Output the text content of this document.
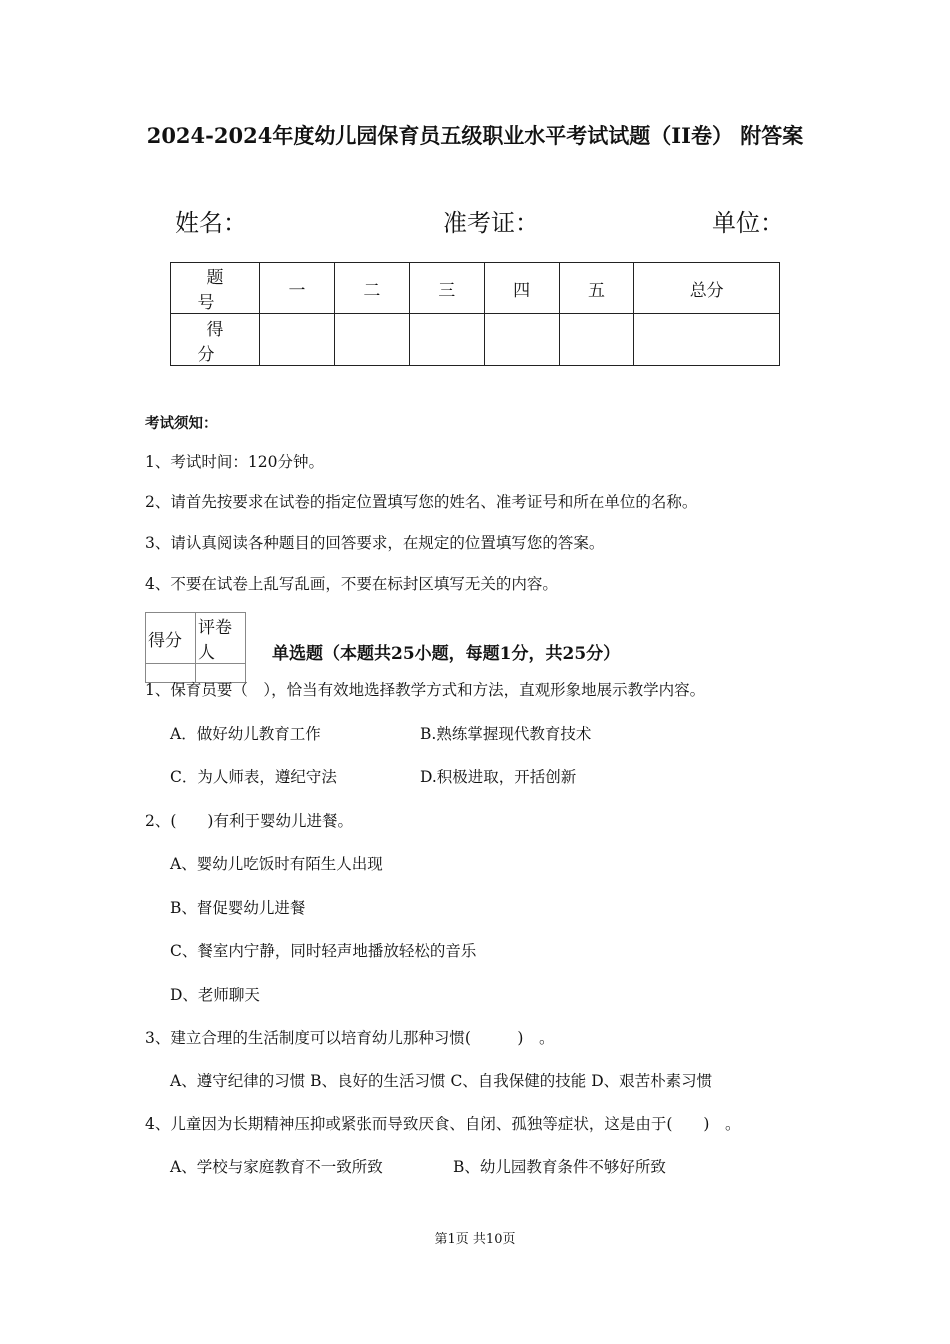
2024-2024年度幼儿园保育员五级职业水平考试试题（II卷） 附答案
姓名：	准考证：	单位：
题　号	一	二	三	四	五	总分
得　分						
考试须知：
1、考试时间：120分钟。
2、请首先按要求在试卷的指定位置填写您的姓名、准考证号和所在单位的名称。
3、请认真阅读各种题目的回答要求，在规定的位置填写您的答案。
4、不要在试卷上乱写乱画，不要在标封区填写无关的内容。
得分	评卷人
		单选题（本题共25小题，每题1分，共25分）
1、保育员要（　），恰当有效地选择教学方式和方法，直观形象地展示教学内容。
A．做好幼儿教育工作	B.熟练掌握现代教育技术
C．为人师表，遵纪守法	D.积极进取，开括创新
2、(　　)有利于婴幼儿进餐。
A、婴幼儿吃饭时有陌生人出现
B、督促婴幼儿进餐
C、餐室内宁静，同时轻声地播放轻松的音乐
D、老师聊天
3、建立合理的生活制度可以培育幼儿那种习惯(　　　)　。
A、遵守纪律的习惯 B、良好的生活习惯 C、自我保健的技能 D、艰苦朴素习惯
4、儿童因为长期精神压抑或紧张而导致厌食、自闭、孤独等症状，这是由于(　　)　。
A、学校与家庭教育不一致所致	B、幼儿园教育条件不够好所致
第1页 共10页
